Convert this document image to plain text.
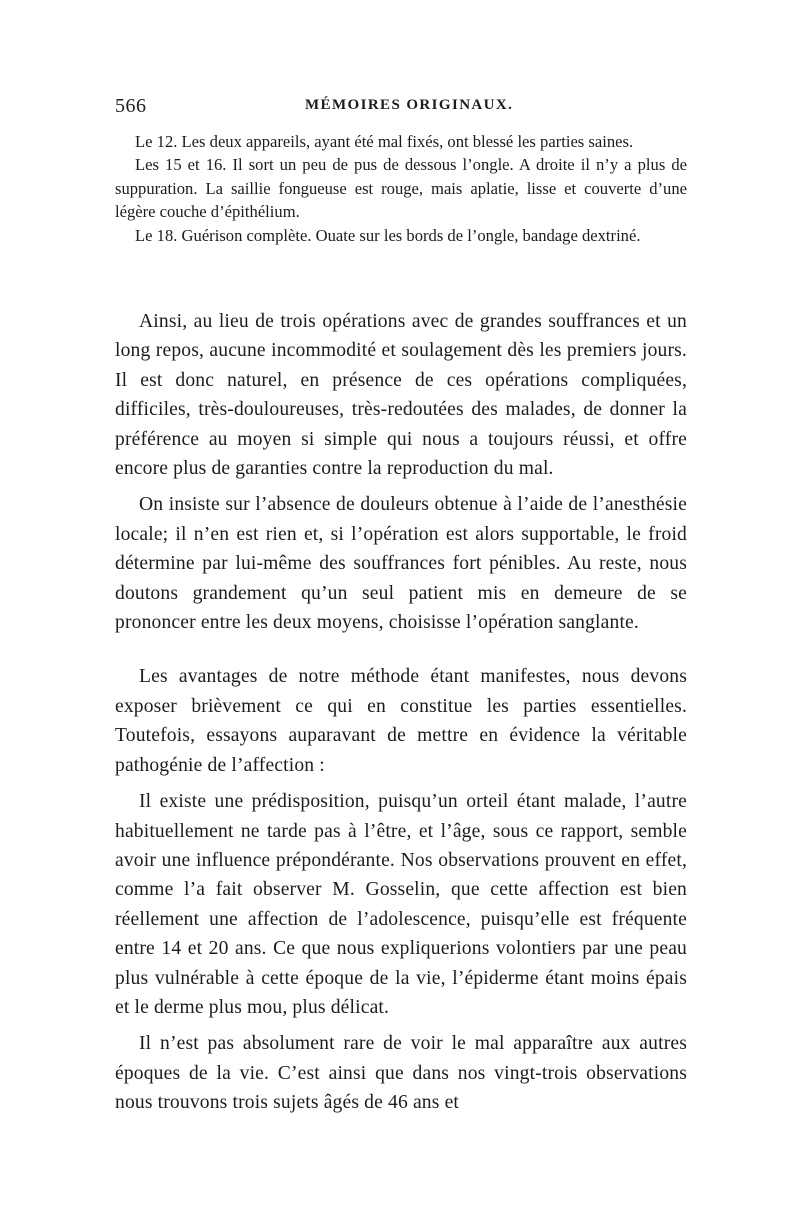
566	MÉMOIRES ORIGINAUX.

Le 12. Les deux appareils, ayant été mal fixés, ont blessé les parties saines.

Les 15 et 16. Il sort un peu de pus de dessous l’ongle. A droite il n’y a plus de suppuration. La saillie fongueuse est rouge, mais aplatie, lisse et couverte d’une légère couche d’épithélium.

Le 18. Guérison complète. Ouate sur les bords de l’ongle, bandage dextriné.

Ainsi, au lieu de trois opérations avec de grandes souffrances et un long repos, aucune incommodité et soulagement dès les premiers jours. Il est donc naturel, en présence de ces opérations compliquées, difficiles, très-douloureuses, très-redoutées des malades, de donner la préférence au moyen si simple qui nous a toujours réussi, et offre encore plus de garanties contre la reproduction du mal.

On insiste sur l’absence de douleurs obtenue à l’aide de l’anesthésie locale; il n’en est rien et, si l’opération est alors supportable, le froid détermine par lui-même des souffrances fort pénibles. Au reste, nous doutons grandement qu’un seul patient mis en demeure de se prononcer entre les deux moyens, choisisse l’opération sanglante.

Les avantages de notre méthode étant manifestes, nous devons exposer brièvement ce qui en constitue les parties essentielles. Toutefois, essayons auparavant de mettre en évidence la véritable pathogénie de l’affection :

Il existe une prédisposition, puisqu’un orteil étant malade, l’autre habituellement ne tarde pas à l’être, et l’âge, sous ce rapport, semble avoir une influence prépondérante. Nos observations prouvent en effet, comme l’a fait observer M. Gosselin, que cette affection est bien réellement une affection de l’adolescence, puisqu’elle est fréquente entre 14 et 20 ans. Ce que nous expliquerions volontiers par une peau plus vulnérable à cette époque de la vie, l’épiderme étant moins épais et le derme plus mou, plus délicat.

Il n’est pas absolument rare de voir le mal apparaître aux autres époques de la vie. C’est ainsi que dans nos vingt-trois observations nous trouvons trois sujets âgés de 46 ans et
